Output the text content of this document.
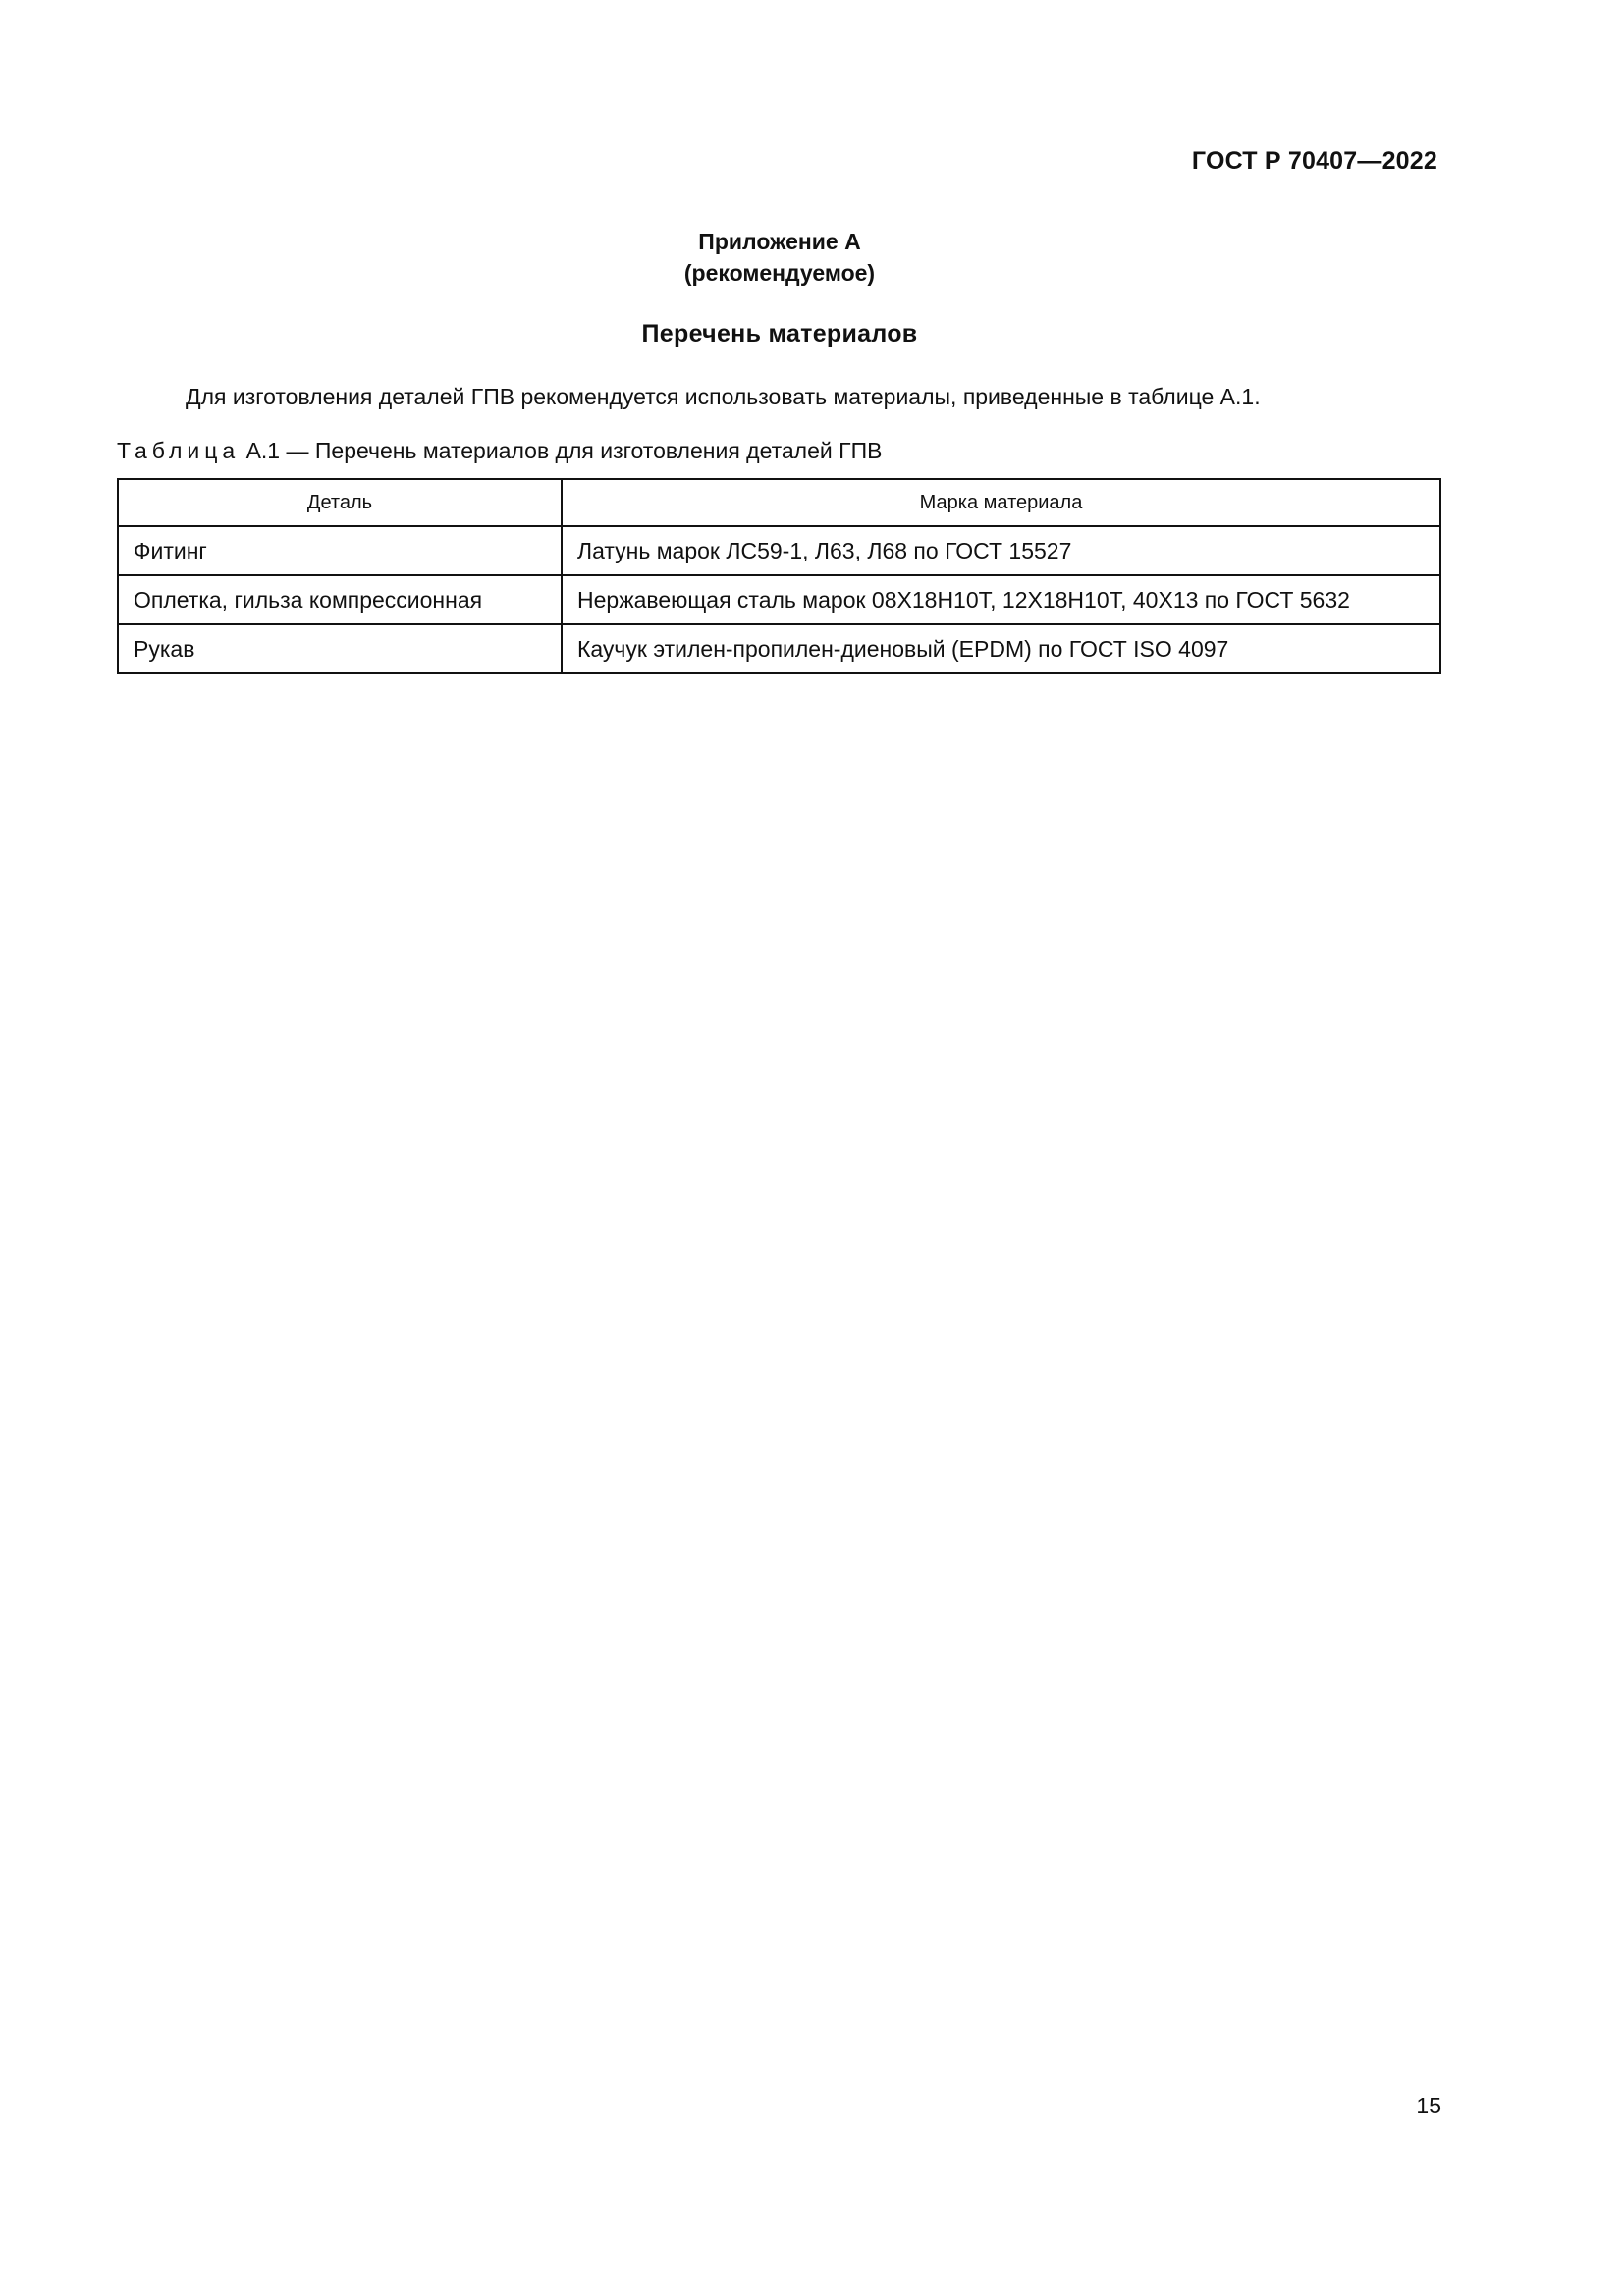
ГОСТ Р 70407—2022
Приложение А
(рекомендуемое)
Перечень материалов
Для изготовления деталей ГПВ рекомендуется использовать материалы, приведенные в таблице А.1.
Таблица А.1 — Перечень материалов для изготовления деталей ГПВ
Деталь	Марка материала
Фитинг	Латунь марок ЛС59-1, Л63, Л68 по ГОСТ 15527
Оплетка, гильза компрессионная	Нержавеющая сталь марок 08Х18Н10Т, 12Х18Н10Т, 40Х13 по ГОСТ 5632
Рукав	Каучук этилен-пропилен-диеновый (EPDM) по ГОСТ ISO 4097
15
